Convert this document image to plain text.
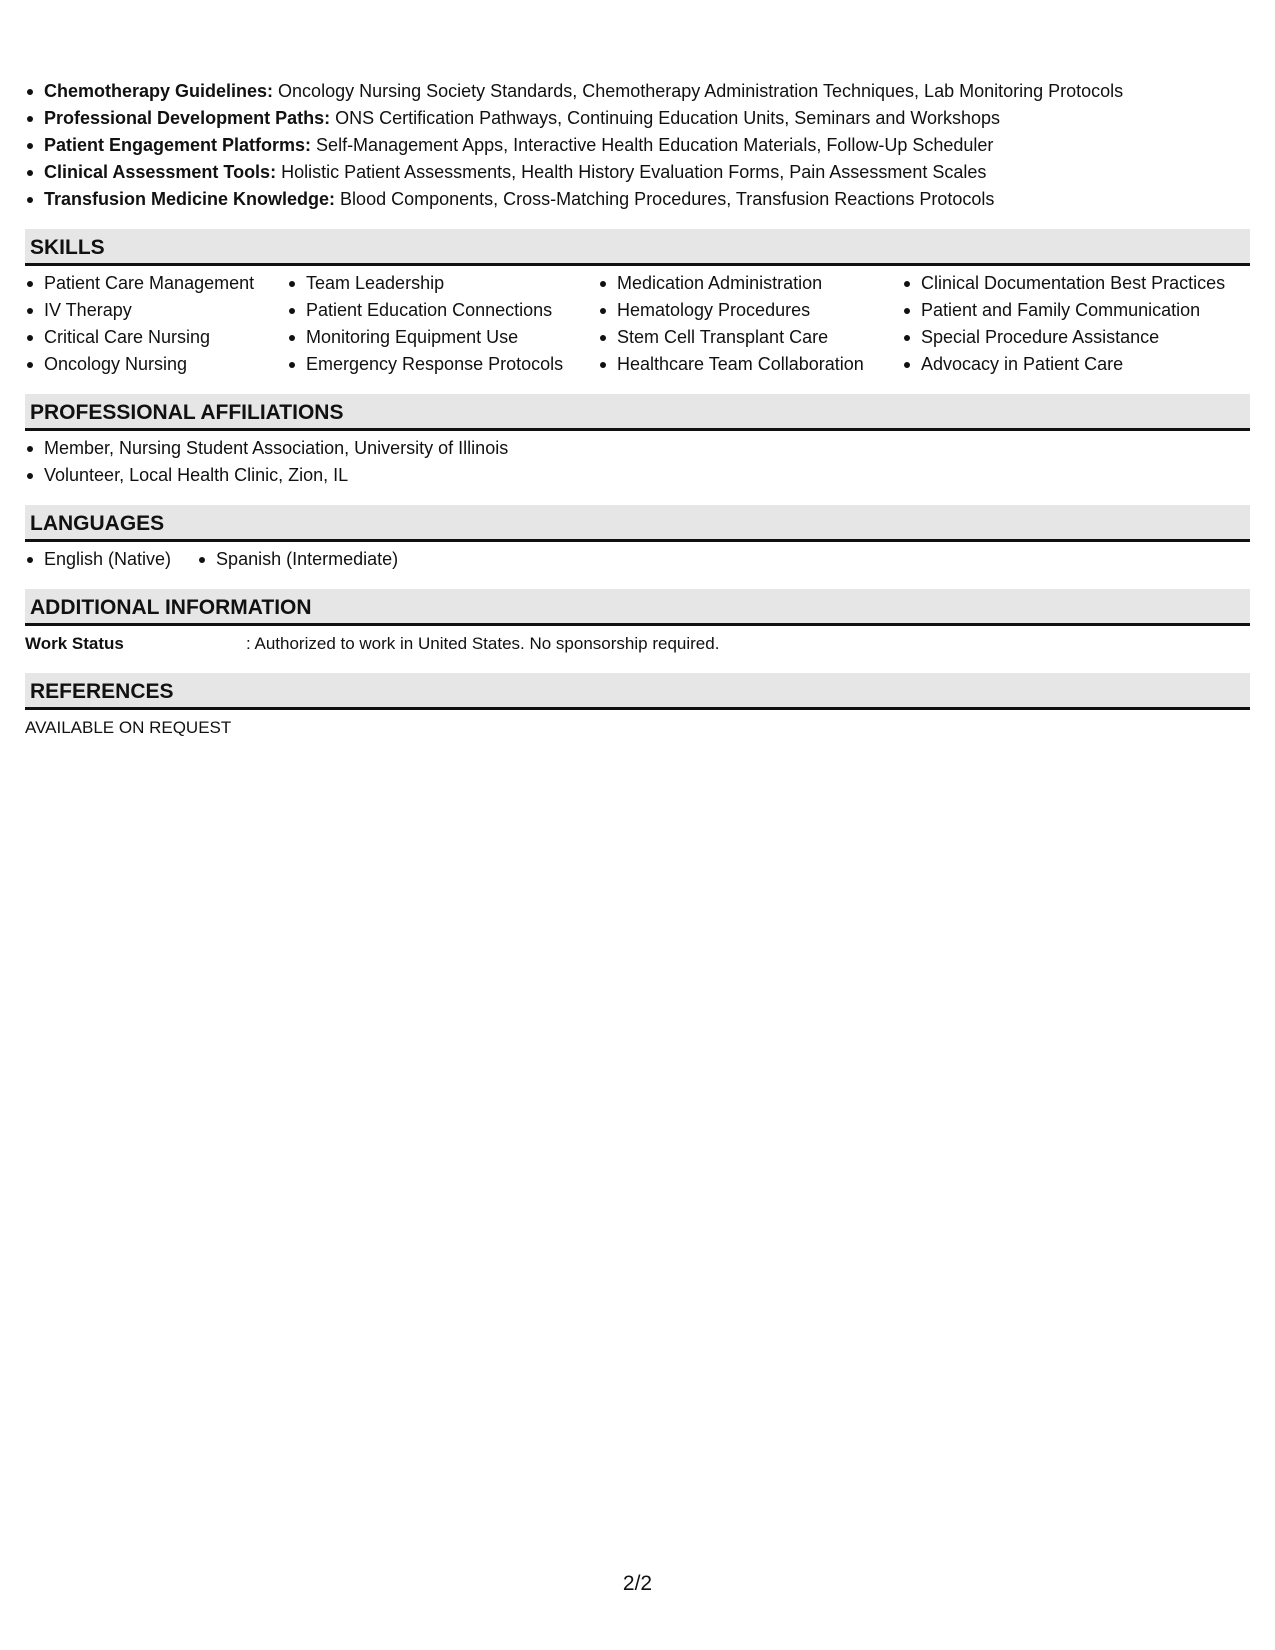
Chemotherapy Guidelines: Oncology Nursing Society Standards, Chemotherapy Administration Techniques, Lab Monitoring Protocols
Professional Development Paths: ONS Certification Pathways, Continuing Education Units, Seminars and Workshops
Patient Engagement Platforms: Self-Management Apps, Interactive Health Education Materials, Follow-Up Scheduler
Clinical Assessment Tools: Holistic Patient Assessments, Health History Evaluation Forms, Pain Assessment Scales
Transfusion Medicine Knowledge: Blood Components, Cross-Matching Procedures, Transfusion Reactions Protocols
SKILLS
Patient Care Management
IV Therapy
Critical Care Nursing
Oncology Nursing
Team Leadership
Patient Education Connections
Monitoring Equipment Use
Emergency Response Protocols
Medication Administration
Hematology Procedures
Stem Cell Transplant Care
Healthcare Team Collaboration
Clinical Documentation Best Practices
Patient and Family Communication
Special Procedure Assistance
Advocacy in Patient Care
PROFESSIONAL AFFILIATIONS
Member, Nursing Student Association, University of Illinois
Volunteer, Local Health Clinic, Zion, IL
LANGUAGES
English (Native)	Spanish (Intermediate)
ADDITIONAL INFORMATION
Work Status	: Authorized to work in United States. No sponsorship required.
REFERENCES
AVAILABLE ON REQUEST
2/2
